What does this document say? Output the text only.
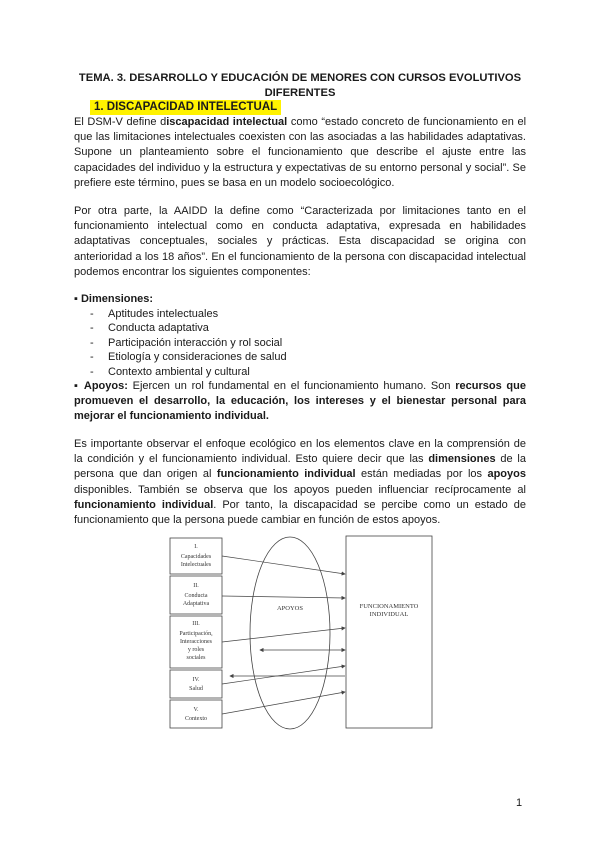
TEMA. 3. DESARROLLO Y EDUCACIÓN DE MENORES CON CURSOS EVOLUTIVOS DIFERENTES
1. DISCAPACIDAD INTELECTUAL
El DSM-V define discapacidad intelectual como “estado concreto de funcionamiento en el que las limitaciones intelectuales coexisten con las asociadas a las habilidades adaptativas. Supone un planteamiento sobre el funcionamiento que describe el ajuste entre las capacidades del individuo y la estructura y expectativas de su entorno personal y social”. Se prefiere este término, pues se basa en un modelo socioecológico.
Por otra parte, la AAIDD la define como “Caracterizada por limitaciones tanto en el funcionamiento intelectual como en conducta adaptativa, expresada en habilidades adaptativas conceptuales, sociales y prácticas. Esta discapacidad se origina con anterioridad a los 18 años”. En el funcionamiento de la persona con discapacidad intelectual podemos encontrar los siguientes componentes:
▪ Dimensiones:
- Aptitudes intelectuales
- Conducta adaptativa
- Participación interacción y rol social
- Etiología y consideraciones de salud
- Contexto ambiental y cultural
▪ Apoyos: Ejercen un rol fundamental en el funcionamiento humano. Son recursos que promueven el desarrollo, la educación, los intereses y el bienestar personal para mejorar el funcionamiento individual.
Es importante observar el enfoque ecológico en los elementos clave en la comprensión de la condición y el funcionamiento individual. Esto quiere decir que las dimensiones de la persona que dan origen al funcionamiento individual están mediadas por los apoyos disponibles. También se observa que los apoyos pueden influenciar recíprocamente al funcionamiento individual. Por tanto, la discapacidad se percibe como un estado de funcionamiento que la persona puede cambiar en función de estos apoyos.
I.
Capacidades
Intelectuales
II.
Conducta
Adaptativa
III.
Participación,
Interacciones
y roles
sociales
IV.
Salud
V.
Contexto
APOYOS	FUNCIONAMIENTO
INDIVIDUAL
1
